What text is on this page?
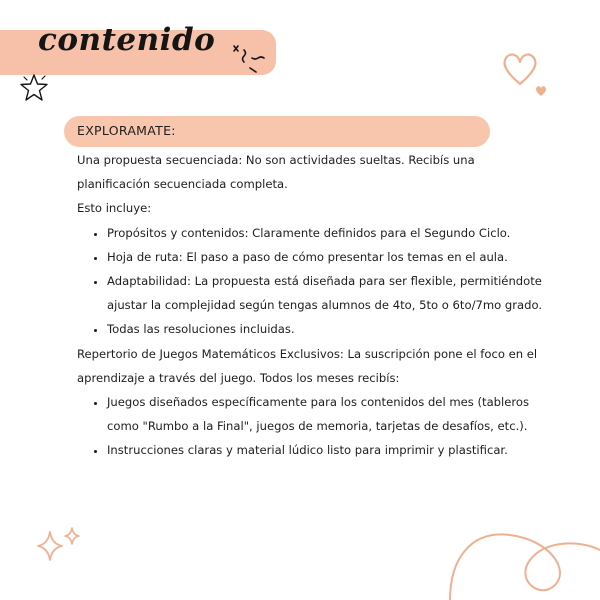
contenido
EXPLORAMATE:

Una propuesta secuenciada: No son actividades sueltas. Recibís una planificación secuenciada completa.

Esto incluye:

• Propósitos y contenidos: Claramente definidos para el Segundo Ciclo.
• Hoja de ruta: El paso a paso de cómo presentar los temas en el aula.
• Adaptabilidad: La propuesta está diseñada para ser flexible, permitiéndote ajustar la complejidad según tengas alumnos de 4to, 5to o 6to/7mo grado.
• Todas las resoluciones incluidas.

Repertorio de Juegos Matemáticos Exclusivos: La suscripción pone el foco en el aprendizaje a través del juego. Todos los meses recibís:

• Juegos diseñados específicamente para los contenidos del mes (tableros como "Rumbo a la Final", juegos de memoria, tarjetas de desafíos, etc.).
• Instrucciones claras y material lúdico listo para imprimir y plastificar.
